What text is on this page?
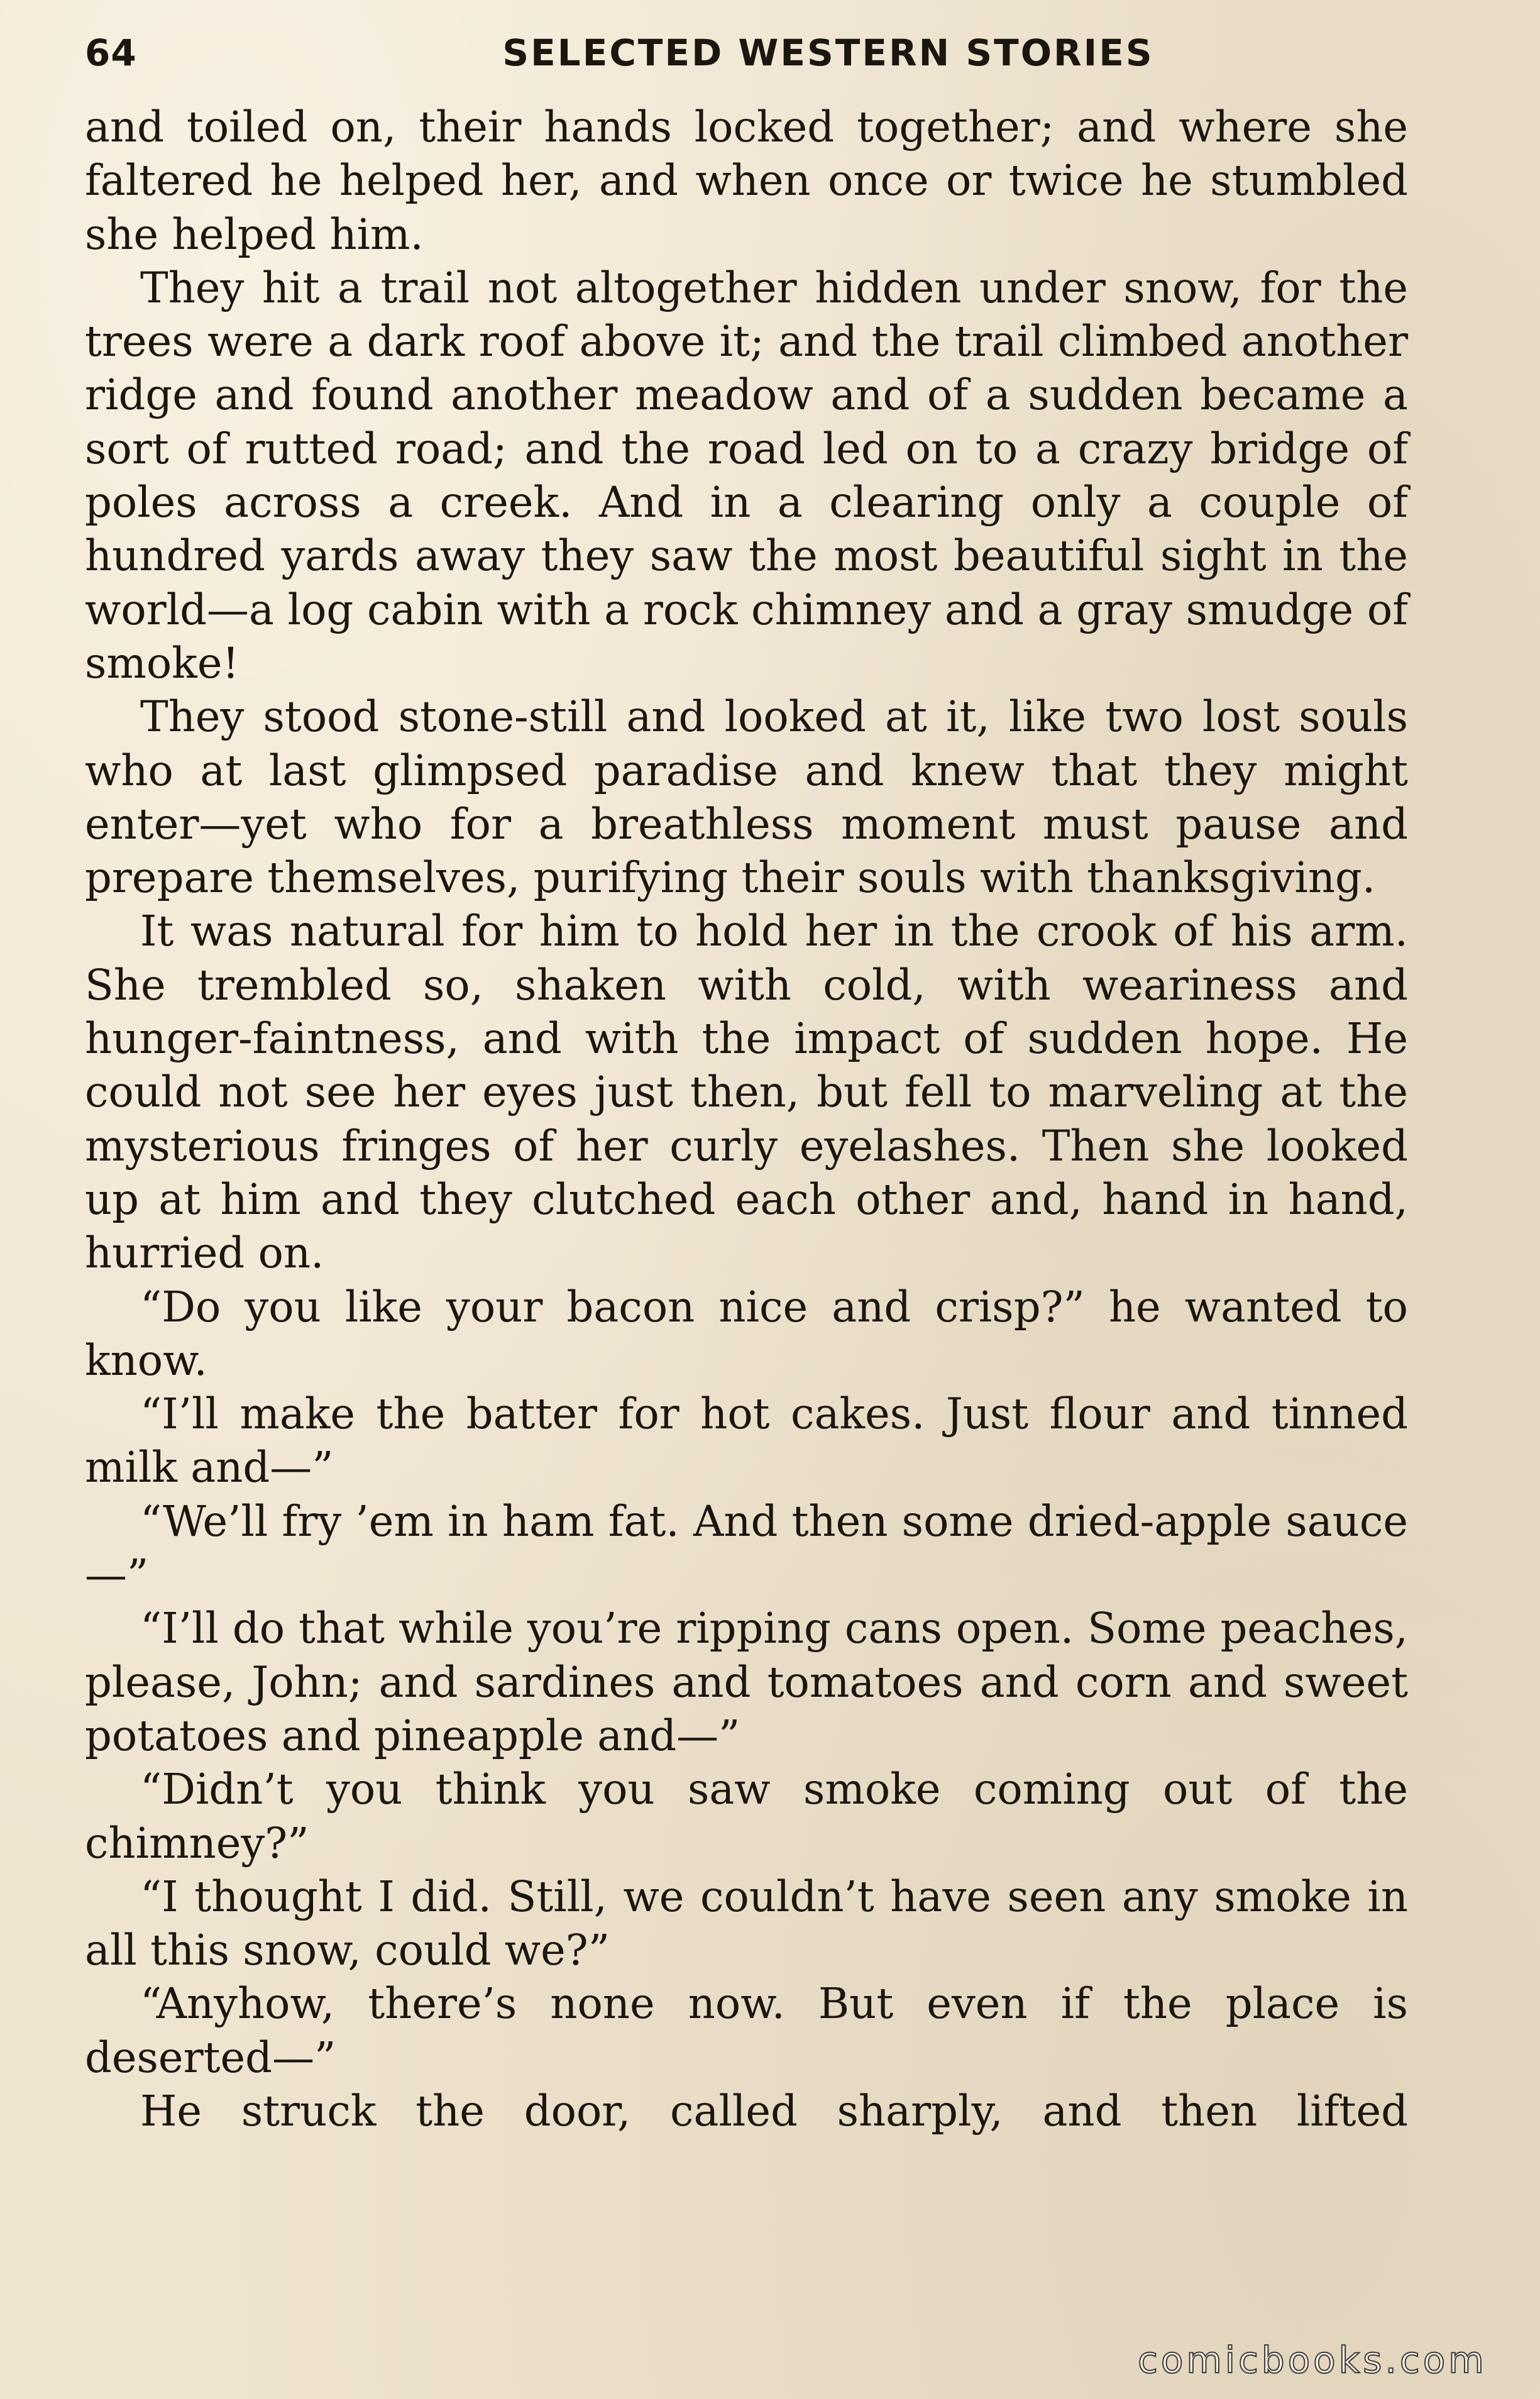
64	SELECTED WESTERN STORIES

and toiled on, their hands locked together; and where she faltered he helped her, and when once or twice he stumbled she helped him.

They hit a trail not altogether hidden under snow, for the trees were a dark roof above it; and the trail climbed another ridge and found another meadow and of a sudden became a sort of rutted road; and the road led on to a crazy bridge of poles across a creek. And in a clearing only a couple of hundred yards away they saw the most beautiful sight in the world—a log cabin with a rock chimney and a gray smudge of smoke!

They stood stone-still and looked at it, like two lost souls who at last glimpsed paradise and knew that they might enter—yet who for a breathless moment must pause and prepare themselves, purifying their souls with thanksgiving.

It was natural for him to hold her in the crook of his arm. She trembled so, shaken with cold, with weariness and hunger-faintness, and with the impact of sudden hope. He could not see her eyes just then, but fell to marveling at the mysterious fringes of her curly eyelashes. Then she looked up at him and they clutched each other and, hand in hand, hurried on.

“Do you like your bacon nice and crisp?” he wanted to know.

“I’ll make the batter for hot cakes. Just flour and tinned milk and—”

“We’ll fry ’em in ham fat. And then some dried-apple sauce—”

“I’ll do that while you’re ripping cans open. Some peaches, please, John; and sardines and tomatoes and corn and sweet potatoes and pineapple and—”

“Didn’t you think you saw smoke coming out of the chimney?”

“I thought I did. Still, we couldn’t have seen any smoke in all this snow, could we?”

“Anyhow, there’s none now. But even if the place is deserted—”

He struck the door, called sharply, and then lifted

comicbooks.com
